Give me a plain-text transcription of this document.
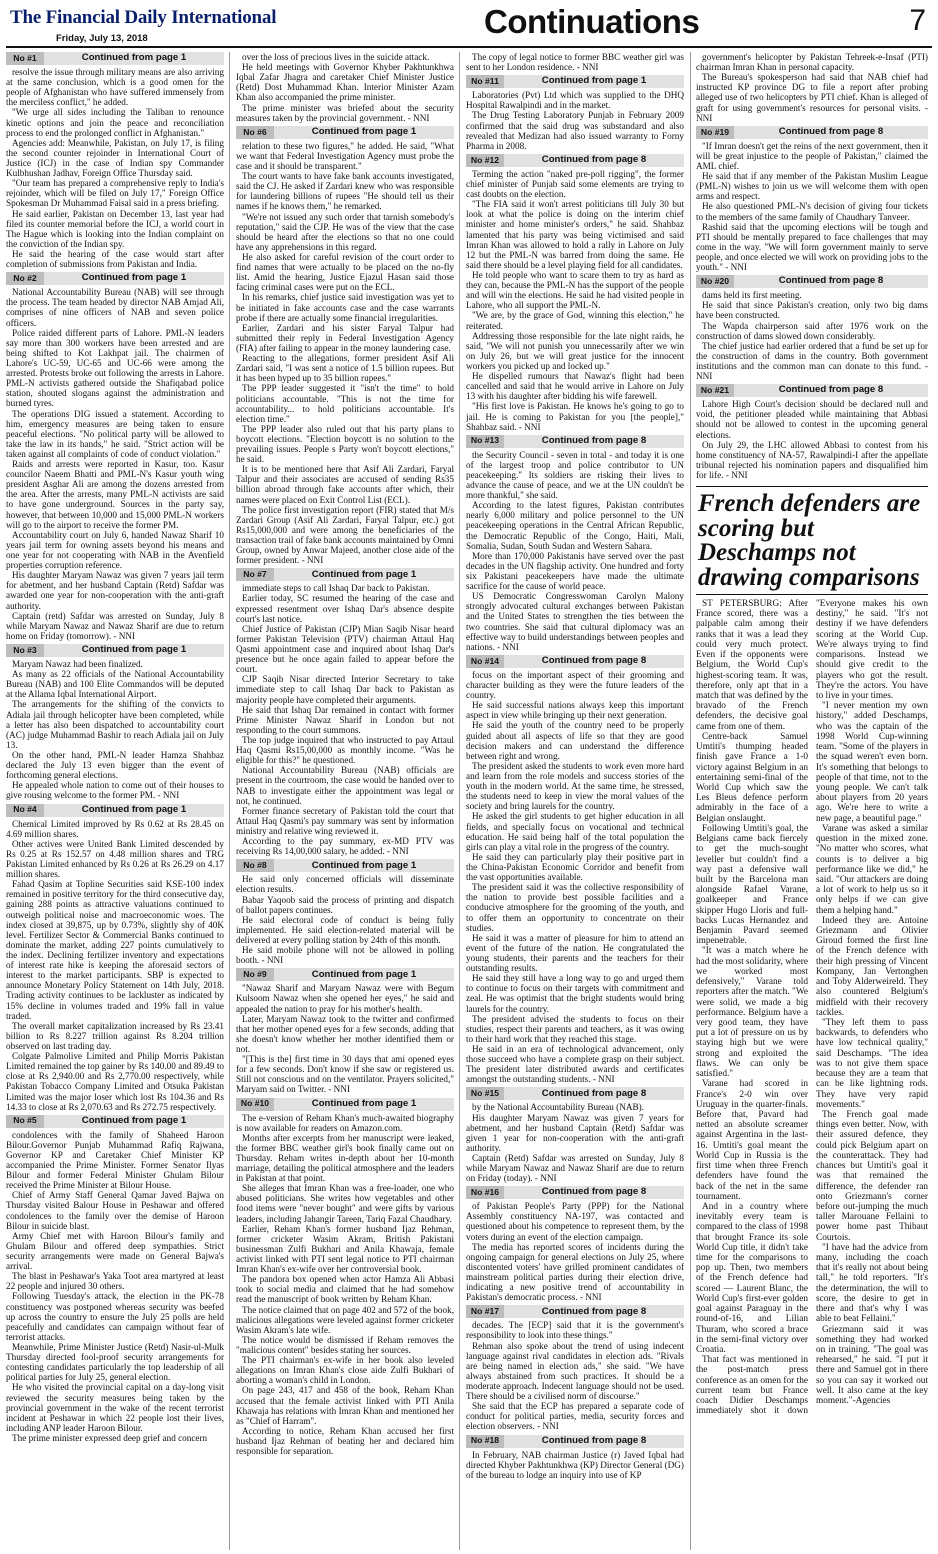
The Financial Daily International
Friday, July 13, 2018	Continuations	7
No #1	Continued from page 1

resolve the issue through military means are also arriving at the same conclusion, which is a good omen for the people of Afghanistan who have suffered immensely from the merciless conflict," he added.

"We urge all sides including the Taliban to renounce kinetic options and join the peace and reconciliation process to end the prolonged conflict in Afghanistan."

Agencies add: Meanwhile, Pakistan, on July 17, is filing the second counter rejoinder in International Court of Justice (ICJ) in the case of Indian spy Commander Kulbhushan Jadhav, Foreign Office Thursday said.

"Our team has prepared a comprehensive reply to India's rejoinder, which will be filed on July 17," Foreign Office Spokesman Dr Muhammad Faisal said in a press briefing.

He said earlier, Pakistan on December 13, last year had filed its counter memorial before the ICJ, a world court in The Hague which is looking into the Indian complaint on the conviction of the Indian spy.

He said the hearing of the case would start after completion of submissions from Pakistan and India.

No #2	Continued from page 1

National Accountability Bureau (NAB) will see through the process. The team headed by director NAB Amjad Ali, comprises of nine officers of NAB and seven police officers.

Police raided different parts of Lahore. PML-N leaders say more than 300 workers have been arrested and are being shifted to Kot Lakhpat jail. The chairmen of Lahore's UC-59, UC-65 and UC-66 were among the arrested. Protests broke out following the arrests in Lahore. PML-N activists gathered outside the Shafiqabad police station, shouted slogans against the administration and burned tyres.

The operations DIG issued a statement. According to him, emergency measures are being taken to ensure peaceful elections. "No political party will be allowed to take the law in its hands," he said. "Strict action will be taken against all complaints of code of conduct violation."

Raids and arrests were reported in Kasur, too. Kasur councilor Naeem Bhatti and PML-N's Kasur youth wing president Asghar Ali are among the dozens arrested from the area. After the arrests, many PML-N activists are said to have gone underground. Sources in the party say, however, that between 10,000 and 15,000 PML-N workers will go to the airport to receive the former PM.

Accountability court on July 6, handed Nawaz Sharif 10 years jail term for owning assets beyond his means and one year for not cooperating with NAB in the Avenfield properties corruption reference.

His daughter Maryam Nawaz was given 7 years jail term for abetment, and her husband Captain (Retd) Safdar was awarded one year for non-cooperation with the anti-graft authority.

Captain (retd) Safdar was arrested on Sunday, July 8 while Maryam Nawaz and Nawaz Sharif are due to return home on Friday (tomorrow). - NNI

No #3	Continued from page 1

Maryam Nawaz had been finalized.

As many as 22 officials of the National Accountability Bureau (NAB) and 100 Elite Commandos will be deputed at the Allama Iqbal International Airport.

The arrangements for the shifting of the convicts to Adiala jail through helicopter have been completed, while a letter has also been dispatched to accountability court (AC) judge Muhammad Bashir to reach Adiala jail on July 13.

On the other hand, PML-N leader Hamza Shahbaz declared the July 13 even bigger than the event of forthcoming general elections.

He appealed whole nation to come out of their houses to give rousing welcome to the former PM. - NNI

No #4	Continued from page 1

Chemical Limited improved by Rs 0.62 at Rs 28.45 on 4.69 million shares.

Other actives were United Bank Limited descended by Rs 0.25 at Rs 152.57 on 4.48 million shares and TRG Pakistan Limited enhanced by Rs 0.26 at Rs 26.29 on 4.17 million shares.

Fahad Qasim at Topline Securities said KSE-100 index remained in positive territory for the third consecutive day, gaining 288 points as attractive valuations continued to outweigh political noise and macroeconomic woes. The index closed at 39,875, up by 0.73%, slightly shy of 40K level. Fertilizer Sector & Commercial Banks continued to dominate the market, adding 227 points cumulatively to the index. Declining fertilizer inventory and expectations of interest rate hike is keeping the aforesaid sectors of interest to the market participants. SBP is expected to announce Monetary Policy Statement on 14th July, 2018. Trading activity continues to be lackluster as indicated by 15% decline in volumes traded and 19% fall in value traded.

The overall market capitalization increased by Rs 23.41 billion to Rs 8.227 trillion against Rs 8.204 trillion observed on last trading day.

Colgate Palmolive Limited and Philip Morris Pakistan Limited remained the top gainer by Rs 140.00 and 89.49 to close at Rs 2,940.00 and Rs 2,770.00 respectively, while Pakistan Tobacco Company Limited and Otsuka Pakistan Limited was the major loser which lost Rs 104.36 and Rs 14.33 to close at Rs 2,070.63 and Rs 272.75 respectively.

No #5	Continued from page 1

condolences with the family of Shaheed Haroon Bilour.Governor Punjab Muhammad Rafiq Rajwana, Governor KP and Caretaker Chief Minister KP accompanied the Prime Minister. Former Senator Ilyas Bilour and former Federal Minister Ghulam Bilour received the Prime Minister at Bilour House.

Chief of Army Staff General Qamar Javed Bajwa on Thursday visited Balour House in Peshawar and offered condolences to the family over the demise of Haroon Bilour in suicide blast.

Army Chief met with Haroon Bilour's family and Ghulam Bilour and offered deep sympathies. Strict security arrangements were made on General Bajwa's arrival.

The blast in Peshawar's Yaka Toot area martyred at least 22 people and injured 30 others.

Following Tuesday's attack, the election in the PK-78 constituency was postponed whereas security was beefed up across the country to ensure the July 25 polls are held peacefully and candidates can campaign without fear of terrorist attacks.

Meanwhile, Prime Minister Justice (Retd) Nasir-ul-Mulk Thursday directed fool-proof security arrangements for contesting candidates particularly the top leadership of all political parties for July 25, general election.

He who visited the provincial capital on a day-long visit reviewed the security measures being taken by the provincial government in the wake of the recent terrorist incident at Peshawar in which 22 people lost their lives, including ANP leader Haroon Bilour.

The prime minister expressed deep grief and concern

over the loss of precious lives in the suicide attack.

He held meetings with Governor Khyber Pakhtunkhwa Iqbal Zafar Jhagra and caretaker Chief Minister Justice (Retd) Dost Muhammad Khan. Interior Minister Azam Khan also accompanied the prime minister.

The prime minister was briefed about the security measures taken by the provincial government. - NNI

No #6	Continued from page 1

relation to these two figures," he added. He said, "What we want that Federal Investigation Agency must probe the case and it should be transparent."

The court wants to have fake bank accounts investigated, said the CJ. He asked if Zardari knew who was responsible for laundering billions of rupees "He should tell us their names if he knows them," he remarked.

"We're not issued any such order that tarnish somebody's reputation," said the CJP. He was of the view that the case should be heard after the elections so that no one could have any apprehensions in this regard.

He also asked for careful revision of the court order to find names that were actually to be placed on the no-fly list. Amid the hearing, Justice Ejazul Hasan said those facing criminal cases were put on the ECL.

In his remarks, chief justice said investigation was yet to be initiated in fake accounts case and the case warrants probe if there are actually some financial irregularities.

Earlier, Zardari and his sister Faryal Talpur had submitted their reply in Federal Investigation Agency (FIA) after failing to appear in the money laundering case.

Reacting to the allegations, former president Asif Ali Zardari said, "I was sent a notice of 1.5 billion rupees. But it has been hyped up to 35 billion rupees."

The PPP leader suggested it "isn't the time" to hold politicians accountable. "This is not the time for accountability... to hold politicians accountable. It's election time."

The PPP leader also ruled out that his party plans to boycott elections. "Election boycott is no solution to the prevailing issues. People s Party won't boycott elections," he said.

It is to be mentioned here that Asif Ali Zardari, Faryal Talpur and their associates are accused of sending Rs35 billion abroad through fake accounts after which, their names were placed on Exit Control List (ECL).

The police first investigation report (FIR) stated that M/s Zardari Group (Asif Ali Zardari, Faryal Talpur, etc.) got Rs15,000,000 and were among the beneficiaries of the transaction trail of fake bank accounts maintained by Omni Group, owned by Anwar Majeed, another close aide of the former president. - NNI

No #7	Continued from page 1

immediate steps to call Ishaq Dar back to Pakistan.

Earlier today, SC resumed the hearing of the case and expressed resentment over Ishaq Dar's absence despite court's last notice.

Chief Justice of Pakistan (CJP) Mian Saqib Nisar heard former Pakistan Television (PTV) chairman Attaul Haq Qasmi appointment case and inquired about Ishaq Dar's presence but he once again failed to appear before the court.

CJP Saqib Nisar directed Interior Secretary to take immediate step to call Ishaq Dar back to Pakistan as majority people have completed their arguments.

He said that Ishaq Dar remained in contact with former Prime Minister Nawaz Sharif in London but not responding to the court summons.

The top judge inquired that who instructed to pay Attaul Haq Qasmi Rs15,00,000 as monthly income. "Was he eligible for this?" he questioned.

National Accountability Bureau (NAB) officials are present in the courtroom, the case would be handed over to NAB to investigate either the appointment was legal or not, he continued.

Former finance secretary of Pakistan told the court that Attaul Haq Qasmi's pay summary was sent by information ministry and relative wing reviewed it.

According to the pay summary, ex-MD PTV was receiving Rs 14,00,000 salary, he added. - NNI

No #8	Continued from page 1

He said only concerned officials will disseminate election results.

Babar Yaqoob said the process of printing and dispatch of ballot papers continues.

He said electoral code of conduct is being fully implemented. He said election-related material will be delivered at every polling station by 24th of this month.

He said mobile phone will not be allowed in polling booth. - NNI

No #9	Continued from page 1

"Nawaz Sharif and Maryam Nawaz were with Begum Kulsoom Nawaz when she opened her eyes," he said and appealed the nation to pray for his mother's health.

Later, Maryam Nawaz took to the twitter and confirmed that her mother opened eyes for a few seconds, adding that she doesn't know whether her mother identified them or not.

"[This is the] first time in 30 days that ami opened eyes for a few seconds. Don't know if she saw or registered us. Still not conscious and on the ventilator. Prayers solicited," Maryam said on Twitter. - NNI

No #10	Continued from page 1

The e-version of Reham Khan's much-awaited biography is now available for readers on Amazon.com.

Months after excerpts from her manuscript were leaked, the former BBC weather girl's book finally came out on Thursday. Reham writes in-depth about her 10-month marriage, detailing the political atmosphere and the leaders in Pakistan at that point.

She alleges that Imran Khan was a free-loader, one who abused politicians. She writes how vegetables and other food items were "never bought" and were gifts by various leaders, including Jahangir Tareen, Tariq Fazal Chaudhary.

Earlier, Reham Khan's former husband Ijaz Rehman, former cricketer Wasim Akram, British Pakistani businessman Zulfi Bukhari and Anila Khawaja, female activist linked with PTI sent legal notice to PTI chairman Imran Khan's ex-wife over her controversial book.

The pandora box opened when actor Hamza Ali Abbasi took to social media and claimed that he had somehow read the manuscript of book written by Reham Khan.

The notice claimed that on page 402 and 572 of the book, malicious allegations were leveled against former cricketer Wasim Akram's late wife.

The notice would be dismissed if Reham removes the "malicious content" besides stating her sources.

The PTI chairman's ex-wife in her book also leveled allegations on Imran Khan's close aide Zulfi Bukhari of aborting a woman's child in London.

On page 243, 417 and 458 of the book, Reham Khan accused that the female activist linked with PTI Anila Khawaja has relations with Imran Khan and mentioned her as "Chief of Harram".

According to notice, Reham Khan accused her first husband Ijaz Rehman of beating her and declared him responsible for separation.

The copy of legal notice to former BBC weather girl was sent to her London residence. - NNI

No #11	Continued from page 1

Laboratories (Pvt) Ltd which was supplied to the DHQ Hospital Rawalpindi and in the market.

The Drug Testing Laboratory Punjab in February 2009 confirmed that the said drug was substandard and also revealed that Medizan had also issued warranty to Forny Pharma in 2008.

No #12	Continued from page 8

Terming the action "naked pre-poll rigging", the former chief minister of Punjab said some elements are trying to cast doubts on the election.

"The FIA said it won't arrest politicians till July 30 but look at what the police is doing on the interim chief minister and home minister's orders," he said. Shahbaz lamented that his party was being victimised and said Imran Khan was allowed to hold a rally in Lahore on July 12 but the PML-N was barred from doing the same. He said there should be a level playing field for all candidates.

He told people who want to scare them to try as hard as they can, because the PML-N has the support of the people and will win the elections. He said he had visited people in Lahore, who all support the PML-N.

"We are, by the grace of God, winning this election," he reiterated.

Addressing those responsible for the late night raids, he said, "We will not punish you unnecessarily after we win on July 26, but we will great justice for the innocent workers you picked up and locked up."

He dispelled rumours that Nawaz's flight had been cancelled and said that he would arrive in Lahore on July 13 with his daughter after bidding his wife farewell.

"His first love is Pakistan. He knows he's going to go to jail. He is coming to Pakistan for you [the people]," Shahbaz said. - NNI

No #13	Continued from page 8

the Security Council - seven in total - and today it is one of the largest troop and police contributor to UN peacekeeping." Its soldiers are risking their lives to advance the cause of peace, and we at the UN couldn't be more thankful," she said.

According to the latest figures, Pakistan contributes nearly 6,000 military and police personnel to the UN peacekeeping operations in the Central African Republic, the Democratic Republic of the Congo, Haiti, Mali, Somalia, Sudan, South Sudan and Western Sahara.

More than 170,000 Pakistanis have served over the past decades in the UN flagship activity. One hundred and forty six Pakistani peacekeepers have made the ultimate sacrifice for the cause of world peace.

US Democratic Congresswoman Carolyn Malony strongly advocated cultural exchanges between Pakistan and the United States to strengthen the ties between the two countries. She said that cultural diplomacy was an effective way to build understandings between peoples and nations. - NNI

No #14	Continued from page 8

focus on the important aspect of their grooming and character building as they were the future leaders of the country.

He said successful nations always keep this important aspect in view while bringing up their next generation.

He said the youth of the country need to be properly guided about all aspects of life so that they are good decision makers and can understand the difference between right and wrong.

The president asked the students to work even more hard and learn from the role models and success stories of the youth in the modern world. At the same time, he stressed, the students need to keep in view the moral values of the society and bring laurels for the country.

He asked the girl students to get higher education in all fields, and specially focus on vocational and technical education. He said being half of the total population the girls can play a vital role in the progress of the country.

He said they can particularly play their positive part in the China-Pakistan Economic Corridor and benefit from the vast opportunities available.

The president said it was the collective responsibility of the nation to provide best possible facilities and a conducive atmosphere for the grooming of the youth, and to offer them an opportunity to concentrate on their studies.

He said it was a matter of pleasure for him to attend an event of the future of the nation. He congratulated the young students, their parents and the teachers for their outstanding results.

He said they still have a long way to go and urged them to continue to focus on their targets with commitment and zeal. He was optimist that the bright students would bring laurels for the country.

The president advised the students to focus on their studies, respect their parents and teachers, as it was owing to their hard work that they reached this stage.

He said in an era of technological advancement, only those succeed who have a complete grasp on their subject. The president later distributed awards and certificates amongst the outstanding students. - NNI

No #15	Continued from page 8

by the National Accountability Bureau (NAB).

His daughter Maryam Nawaz was given 7 years for abetment, and her husband Captain (Retd) Safdar was given 1 year for non-cooperation with the anti-graft authority.

Captain (Retd) Safdar was arrested on Sunday, July 8 while Maryam Nawaz and Nawaz Sharif are due to return on Friday (today). - NNI

No #16	Continued from page 8

of Pakistan People's Party (PPP) for the National Assembly constituency NA-197, was contacted and questioned about his competence to represent them, by the voters during an event of the election campaign.

The media has reported scores of incidents during the ongoing campaign for general elections on July 25, where discontented voters' have grilled prominent candidates of mainstream political parties during their election drive, indicating a new positive trend of accountability in Pakistan's democratic process. - NNI

No #17	Continued from page 8

decades. The [ECP] said that it is the government's responsibility to look into these things."

Rehman also spoke about the trend of using indecent language against rival candidates in election ads. "Rivals are being named in election ads," she said. "We have always abstained from such practices. It should be a moderate approach. Indecent language should not be used. There should be a civilised norm of discourse."

She said that the ECP has prepared a separate code of conduct for political parties, media, security forces and election observers. - NNI

No #18	Continued from page 8

In February, NAB chairman Justice (r) Javed Iqbal had directed Khyber Pakhtunkhwa (KP) Director General (DG) of the bureau to lodge an inquiry into use of KP

government's helicopter by Pakistan Tehreek-e-Insaf (PTI) chairman Imran Khan in personal capacity.

The Bureau's spokesperson had said that NAB chief had instructed KP province DG to file a report after probing alleged use of two helicopters by PTI chief. Khan is alleged of graft for using government's resources for personal visits. -NNI

No #19	Continued from page 8

"If Imran doesn't get the reins of the next government, then it will be great injustice to the people of Pakistan," claimed the AML chief.

He said that if any member of the Pakistan Muslim League (PML-N) wishes to join us we will welcome them with open arms and respect.

He also questioned PML-N's decision of giving four tickets to the members of the same family of Chaudhary Tanveer.

Rashid said that the upcoming elections will be tough and PTI should be mentally prepared to face challenges that may come in the way. "We will form government mainly to serve people, and once elected we will work on providing jobs to the youth." - NNI

No #20	Continued from page 8

dams held its first meeting.

He said that since Pakistan's creation, only two big dams have been constructed.

The Wapda chairperson said after 1976 work on the construction of dams slowed down considerably.

The chief justice had earlier ordered that a fund be set up for the construction of dams in the country. Both government institutions and the common man can donate to this fund. - NNI

No #21	Continued from page 8

Lahore High Court's decision should be declared null and void, the petitioner pleaded while maintaining that Abbasi should not be allowed to contest in the upcoming general elections.

On July 29, the LHC allowed Abbasi to contest from his home constituency of NA-57, Rawalpindi-I after the appellate tribunal rejected his nomination papers and disqualified him for life. - NNI

French defenders are scoring but Deschamps not drawing comparisons

ST PETERSBURG: After France scored, there was a palpable calm among their ranks that it was a lead they could very much protect. Even if the opponents were Belgium, the World Cup's highest-scoring team. It was, therefore, only apt that in a match that was defined by the bravado of the French defenders, the decisive goal came from one of them.

Centre-back Samuel Umtiti's thumping headed finish gave France a 1-0 victory against Belgium in an entertaining semi-final of the World Cup which saw the Les Bleus defence perform admirably in the face of a Belgian onslaught.

Following Umtiti's goal, the Belgians came back fiercely to get the much-sought leveller but couldn't find a way past a defensive wall built by the Barcelona man alongside Rafael Varane, goalkeeper and France skipper Hugo Lloris and full-backs Lucas Hernandez and Benjamin Pavard seemed impenetrable.

"It was a match where he had the most solidarity, where we worked most defensively," Varane told reporters after the match. "We were solid, we made a big performance. Belgium have a very good team, they have put a lot of pressure on us by staying high but we were strong and exploited the flaws. We can only be satisfied."

Varane had scored in France's 2-0 win over Uruguay in the quarter-finals. Before that, Pavard had netted an absolute screamer against Argentina in the last-16. Umtiti's goal meant the World Cup in Russia is the first time when three French defenders have found the back of the net in the same tournament.

And in a country where inevitably every team is compared to the class of 1998 that brought France its sole World Cup title, it didn't take time for the comparisons to pop up. Then, two members of the French defence had scored — Laurent Blanc, the World Cup's first-ever golden goal against Paraguay in the round-of-16, and Lilian Thuram, who scored a brace in the semi-final victory over Croatia.

That fact was mentioned in the post-match press conference as an omen for the current team but France coach Didier Deschamps immediately shot it down "Everyone makes his own destiny," he said. "It's not destiny if we have defenders scoring at the World Cup. We're always trying to find comparisons. Instead we should give credit to the players who got the result. They're the actors. You have to live in your times.

"I never mention my own history," added Deschamps, who was the captain of the 1998 World Cup-winning team. "Some of the players in the squad weren't even born. It's something that belongs to people of that time, not to the young people. We can't talk about players from 20 years ago. We're here to write a new page, a beautiful page."

Varane was asked a similar question in the mixed zone. "No matter who scores, what counts is to deliver a big performance like we did," he said. "Our attackers are doing a lot of work to help us so it only helps if we can give them a helping hand."

Indeed they are. Antoine Griezmann and Olivier Giroud formed the first line of the French defence with their high pressing of Vincent Kompany, Jan Vertonghen and Toby Alderweireld. They also countered Belgium's midfield with their recovery tackles.

"They left them to pass backwards, to defenders who have low technical quality," said Deschamps. "The idea was to not give them space because they are a team that can be like lightning rods. They have very rapid movements."

The French goal made things even better. Now, with their assured defence, they could pick Belgium apart on the counterattack. They had chances but Umtiti's goal it was that remained the difference, the defender ran onto Griezmann's corner before out-jumping the much taller Marouane Fellaini to power home past Thibaut Courtois.

"I have had the advice from many, including the coach that it's really not about being tall," he told reporters. "It's the determination, the will to score, the desire to get in there and that's why I was able to beat Fellaini."

Griezmann said it was something they had worked on in training. "The goal was rehearsed," he said. "I put it there and Samuel got in there so you can say it worked out well. It also came at the key moment."-Agencies
